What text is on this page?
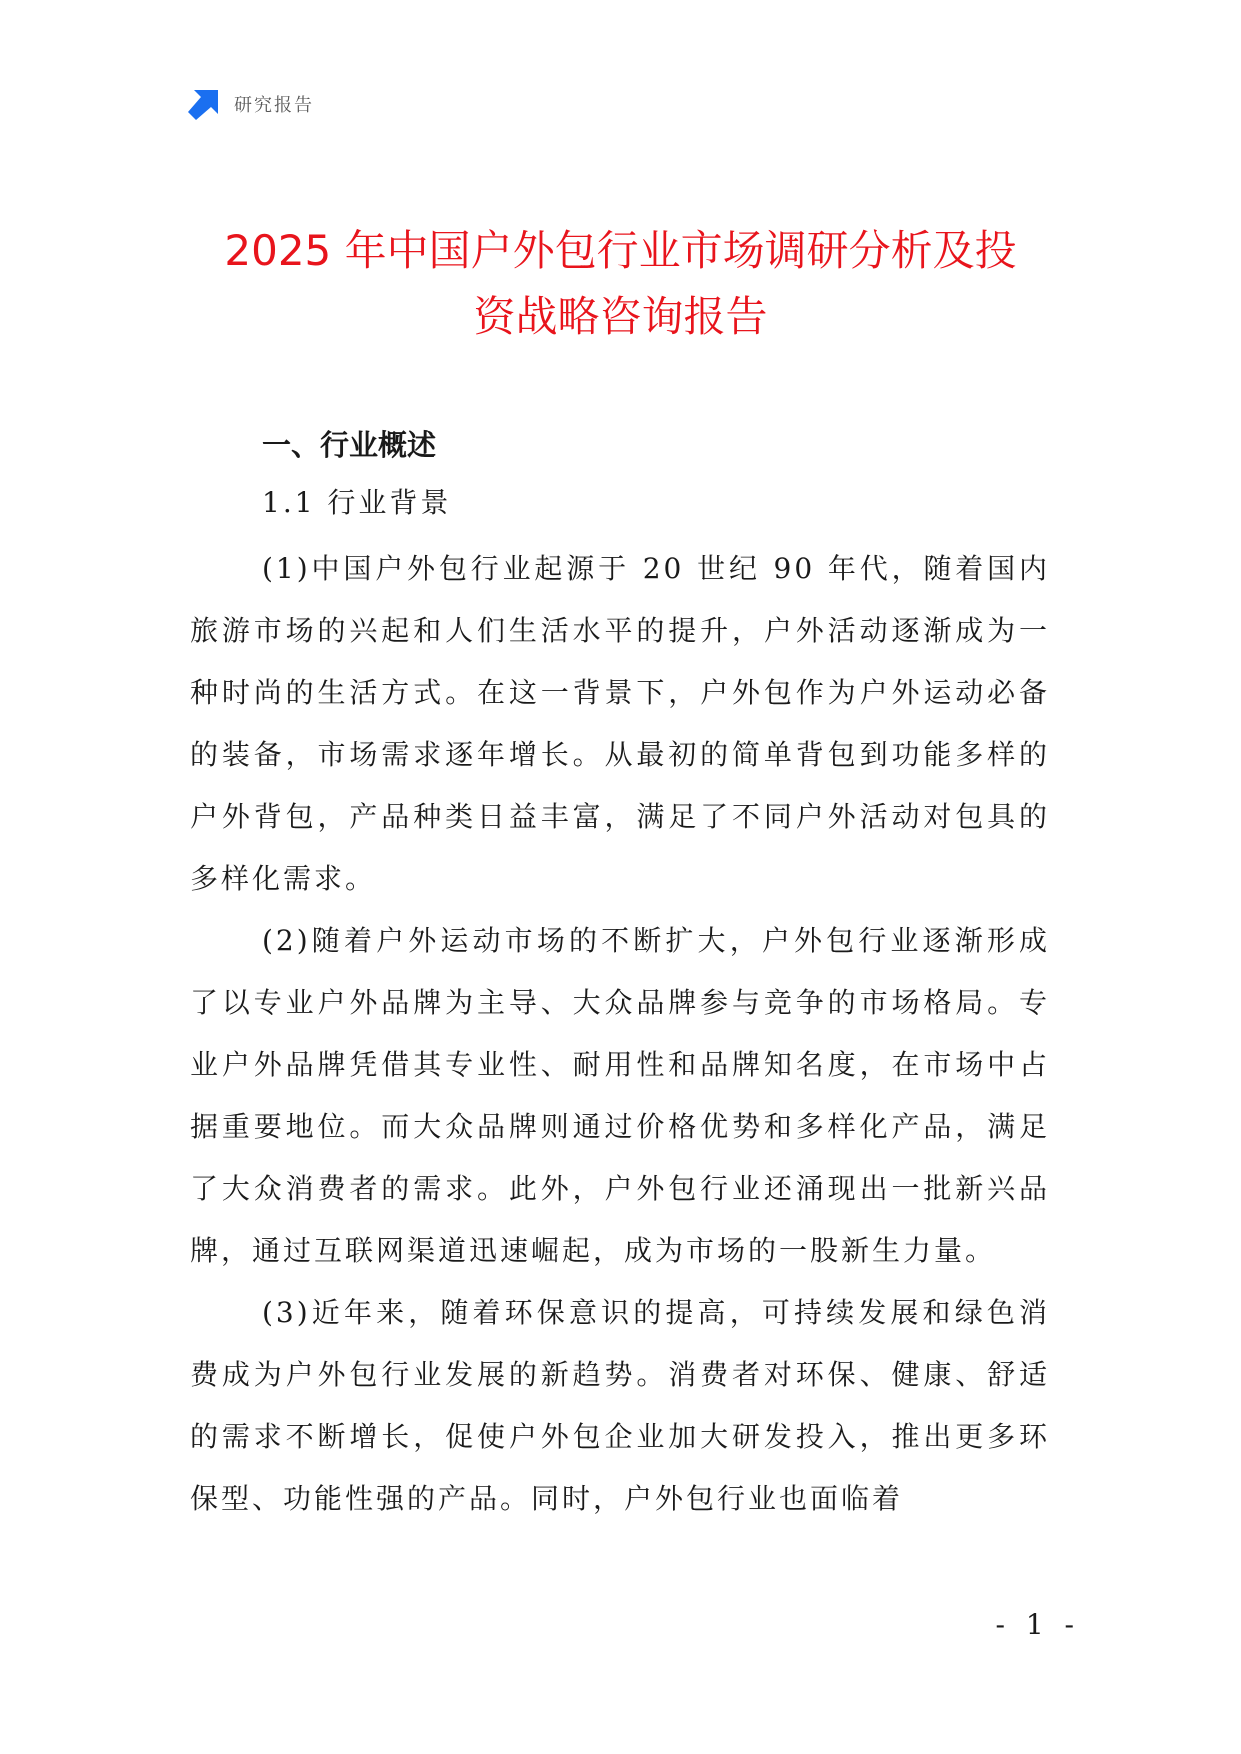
研究报告
2025 年中国户外包行业市场调研分析及投
资战略咨询报告
一、行业概述
1.1 行业背景

(1)中国户外包行业起源于 20 世纪 90 年代，随着国内旅游市场的兴起和人们生活水平的提升，户外活动逐渐成为一种时尚的生活方式。在这一背景下，户外包作为户外运动必备的装备，市场需求逐年增长。从最初的简单背包到功能多样的户外背包，产品种类日益丰富，满足了不同户外活动对包具的多样化需求。

(2)随着户外运动市场的不断扩大，户外包行业逐渐形成了以专业户外品牌为主导、大众品牌参与竞争的市场格局。专业户外品牌凭借其专业性、耐用性和品牌知名度，在市场中占据重要地位。而大众品牌则通过价格优势和多样化产品，满足了大众消费者的需求。此外，户外包行业还涌现出一批新兴品牌，通过互联网渠道迅速崛起，成为市场的一股新生力量。

(3)近年来，随着环保意识的提高，可持续发展和绿色消费成为户外包行业发展的新趋势。消费者对环保、健康、舒适的需求不断增长，促使户外包企业加大研发投入，推出更多环保型、功能性强的产品。同时，户外包行业也面临着

- 1 -
